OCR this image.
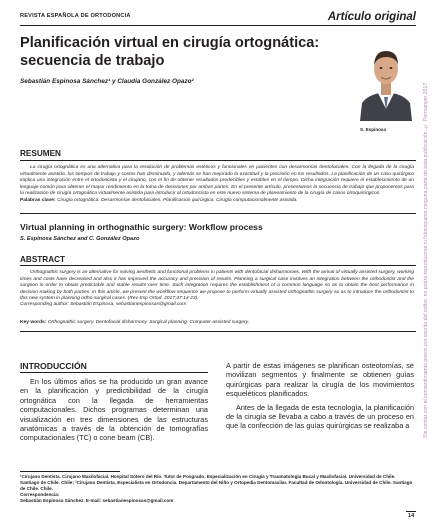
REVISTA ESPAÑOLA DE ORTODONCIA	Artículo original
Planificación virtual en cirugía ortognática: secuencia de trabajo

Sebastián Espinosa Sánchez¹ y Claudia González Opazo²

S. Espinosa	Sin contar con el consentimiento previo por escrito del editor, no podrá reproducirse ni fotocopiarse ninguna parte de esta publicación. © Permanyer 2017
RESUMEN

La cirugía ortognática es una alternativa para la resolución de problemas estéticos y funcionales en pacientes con desarmonías dentofaciales. Con la llegada de la cirugía virtualmente asistida, los tiempos de trabajo y costos han disminuido, y además se han mejorado la exactitud y la precisión en los resultados. La planificación de un caso quirúrgico implica una integración entre el ortodoncista y el cirujano, con el fin de obtener resultados predecibles y estables en el tiempo. Dicha integración requiere el establecimiento de un lenguaje común para obtener el mayor rendimiento en la toma de decisiones por ambas partes. En el presente artículo, presentamos la secuencia de trabajo que proponemos para la realización de cirugía ortognática virtualmente asistida para introducir al ortodoncista en este nuevo sistema de planeamiento de la cirugía de casos ortoquirúrgicos.

Palabras clave: Cirugía ortognática. Desarmonías dentofaciales. Planificación quirúrgica. Cirugía computacionalmente asistida.

Virtual planning in orthognathic surgery: Workflow process

S. Espinosa Sánchez and C. González Opazo

ABSTRACT

Orthognathic surgery is an alternative for solving aesthetic and functional problems in patients with dentofacial disharmonies. With the arrival of virtually assisted surgery, working times and costs have decreased and also it has improved the accuracy and precision of results. Planning a surgical case involves an integration between the orthodontist and the surgeon in order to obtain predictable and stable results over time. Such integration requires the establishment of a common language so as to obtain the best performance in decision-making by both parties. In this article, we present the workflow sequence we propose to perform virtually assisted orthognathic surgery so as to introduce the orthodontist to this new system in planning ortho-surgical cases. (Rev Esp Ortod. 2017;47:14-23).

Corresponding author: Sebastián Espinosa, sebastianespinosas@gmail.com

Key words: Orthognathic surgery. Dentofacial disharmony. Surgical planning. Computer-assisted surgery.

INTRODUCCIÓN

En los últimos años se ha producido un gran avance en la planificación y predictibilidad de la cirugía ortognática con la llegada de herramientas computacionales. Dichos programas determinan una visualización en tres dimensiones de las estructuras anatómicas a través de la obtención de tomografías computacionales (TC) o cone beam (CB).

A partir de estas imágenes se planifican osteotomías, se movilizan segmentos y finalmente se obtienen guías quirúrgicas para realizar la cirugía de los movimientos esqueléticos planificados.

Antes de la llegada de esta tecnología, la planificación de la cirugía se llevaba a cabo a través de un proceso en que la confección de las guías quirúrgicas se realizaba a

¹Cirujano Dentista. Cirujano Maxilofacial. Hospital Sótero del Río. Tutor de Posgrado. Especialización en Cirugía y Traumatología Bucal y Maxilofacial. Universidad de Chile. Santiago de Chile. Chile; ²Cirujano Dentista. Especialista en Ortodoncia. Departamento del Niño y Ortopedia Dentomaxilar. Facultad de Odontología. Universidad de Chile. Santiago de Chile. Chile.

Correspondencia:

Sebastián Espinosa Sánchez. E-mail: sebastianespinosas@gmail.com

14
